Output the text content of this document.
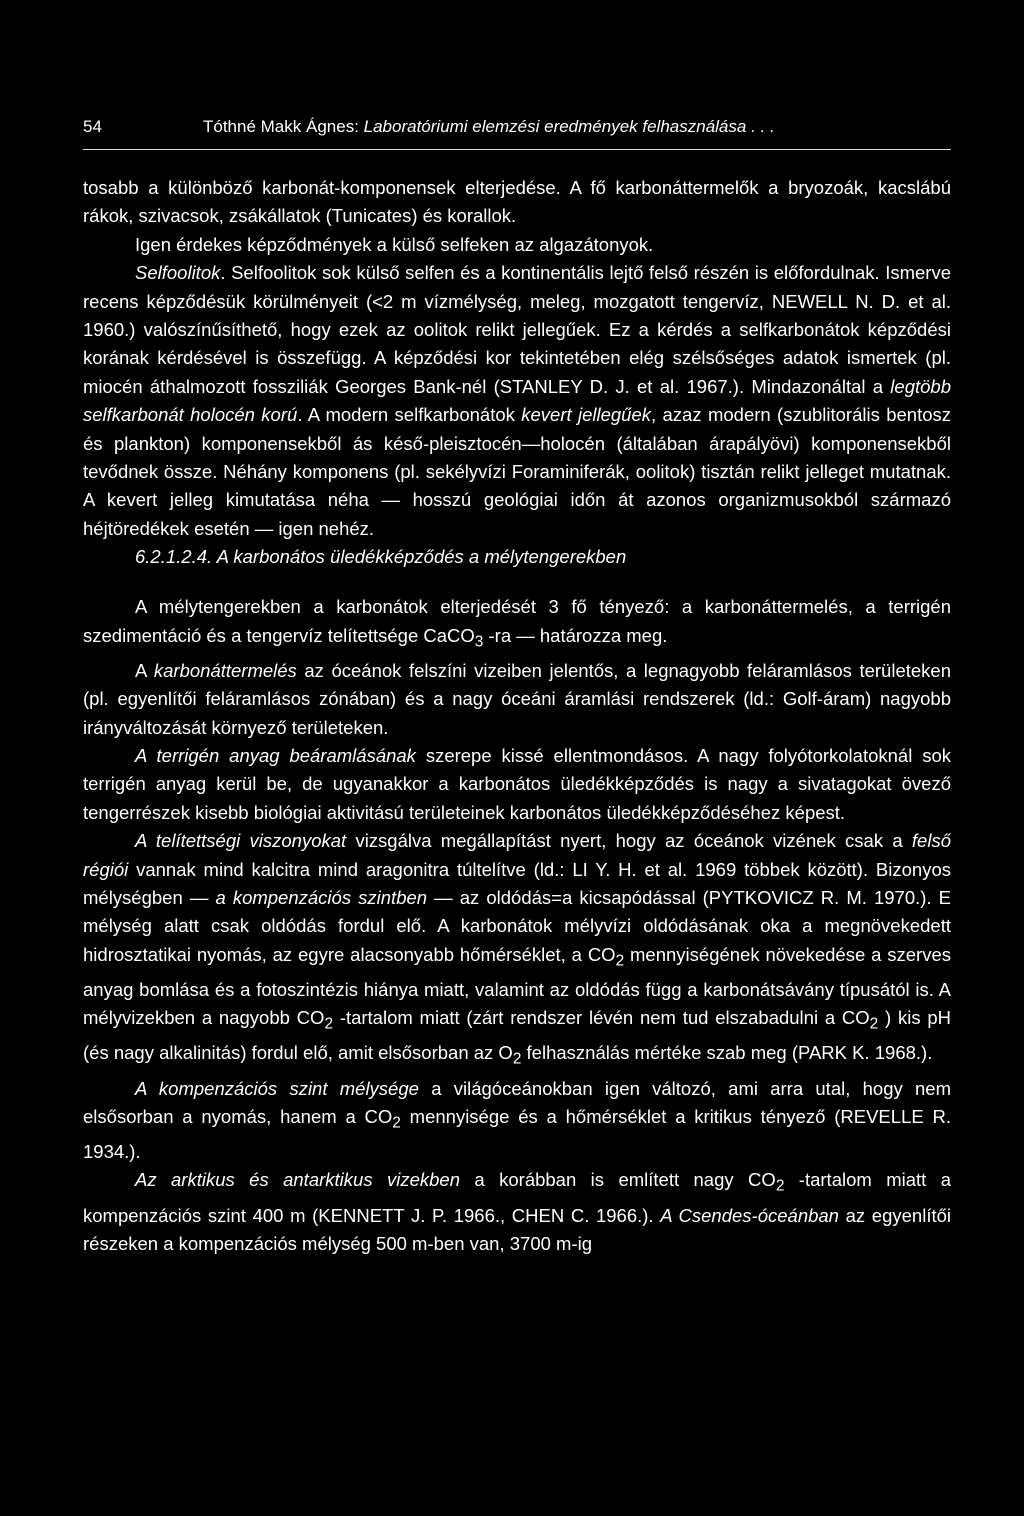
54	Tóthné Makk Ágnes: Laboratóriumi elemzési eredmények felhasználása . . .

tosabb a különböző karbonát-komponensek elterjedése. A fő karbonáttermelők a bryozoák, kacslábú rákok, szivacsok, zsákállatok (Tunicates) és korallok.

Igen érdekes képződmények a külső selfeken az algazátonyok.

Selfoolitok. Selfoolitok sok külső selfen és a kontinentális lejtő felső részén is előfordulnak. Ismerve recens képződésük körülményeit (<2 m vízmélység, meleg, mozgatott tengervíz, NEWELL N. D. et al. 1960.) valószínűsíthető, hogy ezek az oolitok relikt jellegűek. Ez a kérdés a selfkarbonátok képződési korának kérdésével is összefügg. A képződési kor tekintetében elég szélsőséges adatok ismertek (pl. miocén áthalmozott fossziliák Georges Bank-nél (STANLEY D. J. et al. 1967.). Mindazonáltal a legtöbb selfkarbonát holocén korú. A modern selfkarbonátok kevert jellegűek, azaz modern (szublitorális bentosz és plankton) komponensekből ás késő-pleisztocén—holocén (általában árapályövi) komponensekből tevődnek össze. Néhány komponens (pl. sekélyvízi Foraminiferák, oolitok) tisztán relikt jelleget mutatnak. A kevert jelleg kimutatása néha — hosszú geológiai időn át azonos organizmusokból származó héjtöredékek esetén — igen nehéz.

6.2.1.2.4. A karbonátos üledékképződés a mélytengerekben

A mélytengerekben a karbonátok elterjedését 3 fő tényező: a karbonáttermelés, a terrigén szedimentáció és a tengervíz telítettsége CaCO$_3$ -ra — határozza meg.

A karbonáttermelés az óceánok felszíni vizeiben jelentős, a legnagyobb feláramlásos területeken (pl. egyenlítői feláramlásos zónában) és a nagy óceáni áramlási rendszerek (ld.: Golf-áram) nagyobb irányváltozását környező területeken.

A terrigén anyag beáramlásának szerepe kissé ellentmondásos. A nagy folyótorkolatoknál sok terrigén anyag kerül be, de ugyanakkor a karbonátos üledékképződés is nagy a sivatagokat övező tengerrészek kisebb biológiai aktivitású területeinek karbonátos üledékképződéséhez képest.

A telítettségi viszonyokat vizsgálva megállapítást nyert, hogy az óceánok vizének csak a felső régiói vannak mind kalcitra mind aragonitra túltelítve (ld.: LI Y. H. et al. 1969 többek között). Bizonyos mélységben — a kompenzációs szintben — az oldódás=a kicsapódással (PYTKOVICZ R. M. 1970.). E mélység alatt csak oldódás fordul elő. A karbonátok mélyvízi oldódásának oka a megnövekedett hidrosztatikai nyomás, az egyre alacsonyabb hőmérséklet, a $CO_2$ mennyiségének növekedése a szerves anyag bomlása és a fotoszintézis hiánya miatt, valamint az oldódás függ a karbonátsávány típusától is. A mélyvizekben a nagyobb $CO_2$ -tartalom miatt (zárt rendszer lévén nem tud elszabadulni a $CO_2$ ) kis pH (és nagy alkalinitás) fordul elő, amit elsősorban az $O_2$ felhasználás mértéke szab meg (PARK K. 1968.).

A kompenzációs szint mélysége a világóceánokban igen változó, ami arra utal, hogy nem elsősorban a nyomás, hanem a $CO_2$ mennyisége és a hőmérséklet a kritikus tényező (REVELLE R. 1934.).

Az arktikus és antarktikus vizekben a korábban is említett nagy $CO_2$ -tartalom miatt a kompenzációs szint 400 m (KENNETT J. P. 1966., CHEN C. 1966.). A Csendes-óceánban az egyenlítői részeken a kompenzációs mélység 500 m-ben van, 3700 m-ig
